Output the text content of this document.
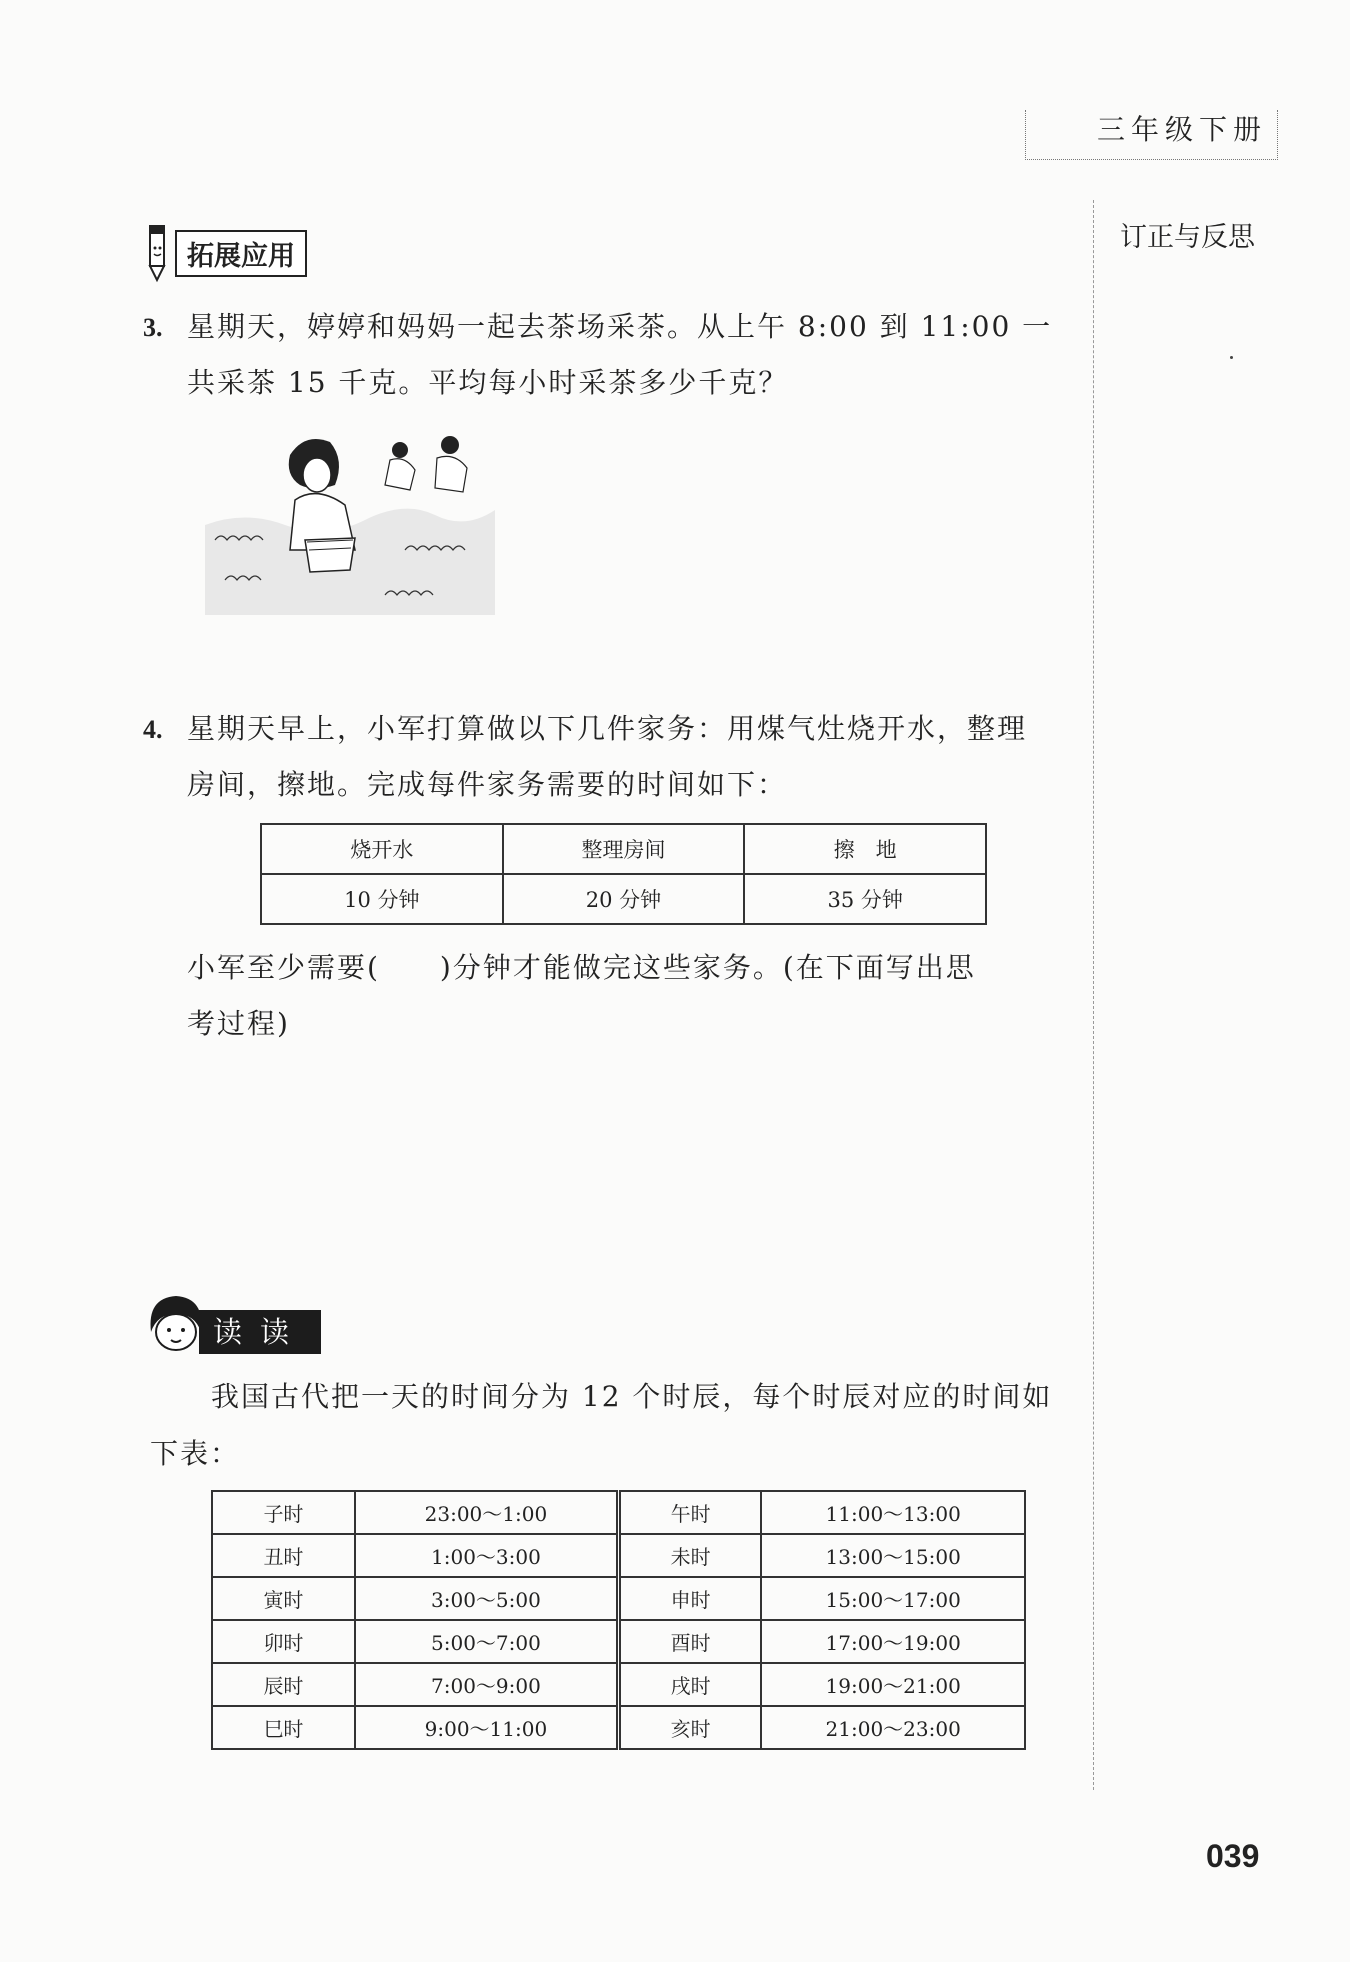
三年级下册
订正与反思
拓展应用
3. 星期天，婷婷和妈妈一起去茶场采茶。从上午 8:00 到 11:00 一
共采茶 15 千克。平均每小时采茶多少千克？
4. 星期天早上，小军打算做以下几件家务：用煤气灶烧开水，整理
房间，擦地。完成每件家务需要的时间如下：
烧开水	整理房间	擦　地
10 分钟	20 分钟	35 分钟
小军至少需要(　　)分钟才能做完这些家务。(在下面写出思
考过程)
读读
我国古代把一天的时间分为 12 个时辰，每个时辰对应的时间如
下表：
子时	23:00～1:00	午时	11:00～13:00
丑时	1:00～3:00	未时	13:00～15:00
寅时	3:00～5:00	申时	15:00～17:00
卯时	5:00～7:00	酉时	17:00～19:00
辰时	7:00～9:00	戌时	19:00～21:00
巳时	9:00～11:00	亥时	21:00～23:00
039
